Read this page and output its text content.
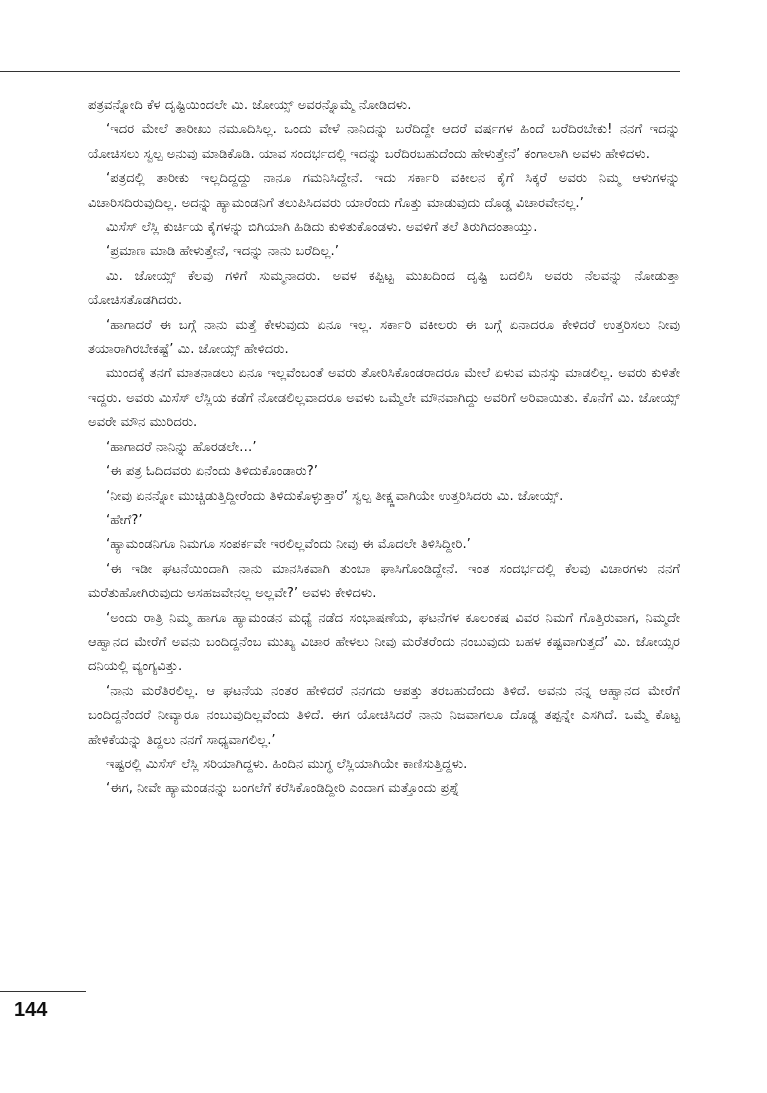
ಪತ್ರವನ್ನೋದಿ ಕೆಳ ದೃಷ್ಟಿಯಿಂದಲೇ ಮಿ. ಜೋಯ್ಸ್ ಅವರನ್ನೊಮ್ಮೆ ನೋಡಿದಳು.

‘ಇದರ ಮೇಲೆ ತಾರೀಖು ನಮೂದಿಸಿಲ್ಲ. ಒಂದು ವೇಳೆ ನಾನಿದನ್ನು ಬರೆದಿದ್ದೇ ಆದರೆ ವರ್ಷಗಳ ಹಿಂದೆ ಬರೆದಿರಬೇಕು! ನನಗೆ ಇದನ್ನು ಯೋಚಿಸಲು ಸ್ವಲ್ಪ ಅನುವು ಮಾಡಿಕೊಡಿ. ಯಾವ ಸಂದರ್ಭದಲ್ಲಿ ಇದನ್ನು ಬರೆದಿರಬಹುದೆಂದು ಹೇಳುತ್ತೇನೆ’ ಕಂಗಾಲಾಗಿ ಅವಳು ಹೇಳಿದಳು.

‘ಪತ್ರದಲ್ಲಿ ತಾರೀಕು ಇಲ್ಲದಿದ್ದದ್ದು ನಾನೂ ಗಮನಿಸಿದ್ದೇನೆ. ಇದು ಸರ್ಕಾರಿ ವಕೀಲನ ಕೈಗೆ ಸಿಕ್ಕರೆ ಅವರು ನಿಮ್ಮ ಆಳುಗಳನ್ನು ವಿಚಾರಿಸದಿರುವುದಿಲ್ಲ. ಅದನ್ನು ಹ್ಯಾಮಂಡನಿಗೆ ತಲುಪಿಸಿದವರು ಯಾರೆಂದು ಗೊತ್ತು ಮಾಡುವುದು ದೊಡ್ಡ ವಿಚಾರವೇನಲ್ಲ.’

ಮಿಸೆಸ್ ಲೆಸ್ಲಿ ಕುರ್ಚಿಯ ಕೈಗಳನ್ನು ಬಿಗಿಯಾಗಿ ಹಿಡಿದು ಕುಳಿತುಕೊಂಡಳು. ಅವಳಿಗೆ ತಲೆ ತಿರುಗಿದಂತಾಯ್ತು.

‘ಪ್ರಮಾಣ ಮಾಡಿ ಹೇಳುತ್ತೇನೆ, ಇದನ್ನು ನಾನು ಬರೆದಿಲ್ಲ.’

ಮಿ. ಜೋಯ್ಸ್ ಕೆಲವು ಗಳಿಗೆ ಸುಮ್ಮನಾದರು. ಅವಳ ಕಪ್ಪಿಟ್ಟ ಮುಖದಿಂದ ದೃಷ್ಟಿ ಬದಲಿಸಿ ಅವರು ನೆಲವನ್ನು ನೋಡುತ್ತಾ ಯೋಚಿಸತೊಡಗಿದರು.

‘ಹಾಗಾದರೆ ಈ ಬಗ್ಗೆ ನಾನು ಮತ್ತೆ ಕೇಳುವುದು ಏನೂ ಇಲ್ಲ. ಸರ್ಕಾರಿ ವಕೀಲರು ಈ ಬಗ್ಗೆ ಏನಾದರೂ ಕೇಳಿದರೆ ಉತ್ತರಿಸಲು ನೀವು ತಯಾರಾಗಿರಬೇಕಷ್ಟೆ’ ಮಿ. ಜೋಯ್ಸ್ ಹೇಳಿದರು.

ಮುಂದಕ್ಕೆ ತನಗೆ ಮಾತನಾಡಲು ಏನೂ ಇಲ್ಲವೆಂಬಂತೆ ಅವರು ತೋರಿಸಿಕೊಂಡರಾದರೂ ಮೇಲೆ ಏಳುವ ಮನಸ್ಸು ಮಾಡಲಿಲ್ಲ. ಅವರು ಕುಳಿತೇ ಇದ್ದರು. ಅವರು ಮಿಸೆಸ್ ಲೆಸ್ಲಿಯ ಕಡೆಗೆ ನೋಡಲಿಲ್ಲವಾದರೂ ಅವಳು ಒಮ್ಮೆಲೇ ಮೌನವಾಗಿದ್ದು ಅವರಿಗೆ ಅರಿವಾಯಿತು. ಕೊನೆಗೆ ಮಿ. ಜೋಯ್ಸ್ ಅವರೇ ಮೌನ ಮುರಿದರು.

‘ಹಾಗಾದರೆ ನಾನಿನ್ನು ಹೊರಡಲೇ…’

‘ಈ ಪತ್ರ ಓದಿದವರು ಏನೆಂದು ತಿಳಿದುಕೊಂಡಾರು?’

‘ನೀವು ಏನನ್ನೋ ಮುಚ್ಚಿಡುತ್ತಿದ್ದೀರೆಂದು ತಿಳಿದುಕೊಳ್ಳುತ್ತಾರೆ’ ಸ್ವಲ್ಪ ತೀಕ್ಷ್ಣವಾಗಿಯೇ ಉತ್ತರಿಸಿದರು ಮಿ. ಜೋಯ್ಸ್.

‘ಹೇಗೆ?’

‘ಹ್ಯಾಮಂಡನಿಗೂ ನಿಮಗೂ ಸಂಪರ್ಕವೇ ಇರಲಿಲ್ಲವೆಂದು ನೀವು ಈ ಮೊದಲೇ ತಿಳಿಸಿದ್ದೀರಿ.’

‘ಈ ಇಡೀ ಘಟನೆಯಿಂದಾಗಿ ನಾನು ಮಾನಸಿಕವಾಗಿ ತುಂಬಾ ಘಾಸಿಗೊಂಡಿದ್ದೇನೆ. ಇಂತ ಸಂದರ್ಭದಲ್ಲಿ ಕೆಲವು ವಿಚಾರಗಳು ನನಗೆ ಮರೆತುಹೋಗಿರುವುದು ಅಸಹಜವೇನಲ್ಲ ಅಲ್ಲವೇ?’ ಅವಳು ಕೇಳಿದಳು.

‘ಅಂದು ರಾತ್ರಿ ನಿಮ್ಮ ಹಾಗೂ ಹ್ಯಾಮಂಡನ ಮಧ್ಯೆ ನಡೆದ ಸಂಭಾಷಣೆಯ, ಘಟನೆಗಳ ಕೂಲಂಕಷ ವಿವರ ನಿಮಗೆ ಗೊತ್ತಿರುವಾಗ, ನಿಮ್ಮದೇ ಆಹ್ವಾನದ ಮೇರೆಗೆ ಅವನು ಬಂದಿದ್ದನೆಂಬ ಮುಖ್ಯ ವಿಚಾರ ಹೇಳಲು ನೀವು ಮರೆತರೆಂದು ನಂಬುವುದು ಬಹಳ ಕಷ್ಟವಾಗುತ್ತದೆ’ ಮಿ. ಜೋಯ್ಸರ ದನಿಯಲ್ಲಿ ವ್ಯಂಗ್ಯವಿತ್ತು.

‘ನಾನು ಮರೆತಿರಲಿಲ್ಲ. ಆ ಘಟನೆಯ ನಂತರ ಹೇಳಿದರೆ ನನಗದು ಆಪತ್ತು ತರಬಹುದೆಂದು ತಿಳಿದೆ. ಅವನು ನನ್ನ ಆಹ್ವಾನದ ಮೇರೆಗೆ ಬಂದಿದ್ದನೆಂದರೆ ನೀವ್ಯಾರೂ ನಂಬುವುದಿಲ್ಲವೆಂದು ತಿಳಿದೆ. ಈಗ ಯೋಚಿಸಿದರೆ ನಾನು ನಿಜವಾಗಲೂ ದೊಡ್ಡ ತಪ್ಪನ್ನೇ ಎಸಗಿದೆ. ಒಮ್ಮೆ ಕೊಟ್ಟ ಹೇಳಿಕೆಯನ್ನು ತಿದ್ದಲು ನನಗೆ ಸಾಧ್ಯವಾಗಲಿಲ್ಲ.’

ಇಷ್ಟರಲ್ಲಿ ಮಿಸೆಸ್ ಲೆಸ್ಲಿ ಸರಿಯಾಗಿದ್ದಳು. ಹಿಂದಿನ ಮುಗ್ಧ ಲೆಸ್ಲಿಯಾಗಿಯೇ ಕಾಣಿಸುತ್ತಿದ್ದಳು.

‘ಈಗ, ನೀವೇ ಹ್ಯಾಮಂಡನನ್ನು ಬಂಗಲೆಗೆ ಕರೆಸಿಕೊಂಡಿದ್ದೀರಿ ಎಂದಾಗ ಮತ್ತೊಂದು ಪ್ರಶ್ನೆ

144
